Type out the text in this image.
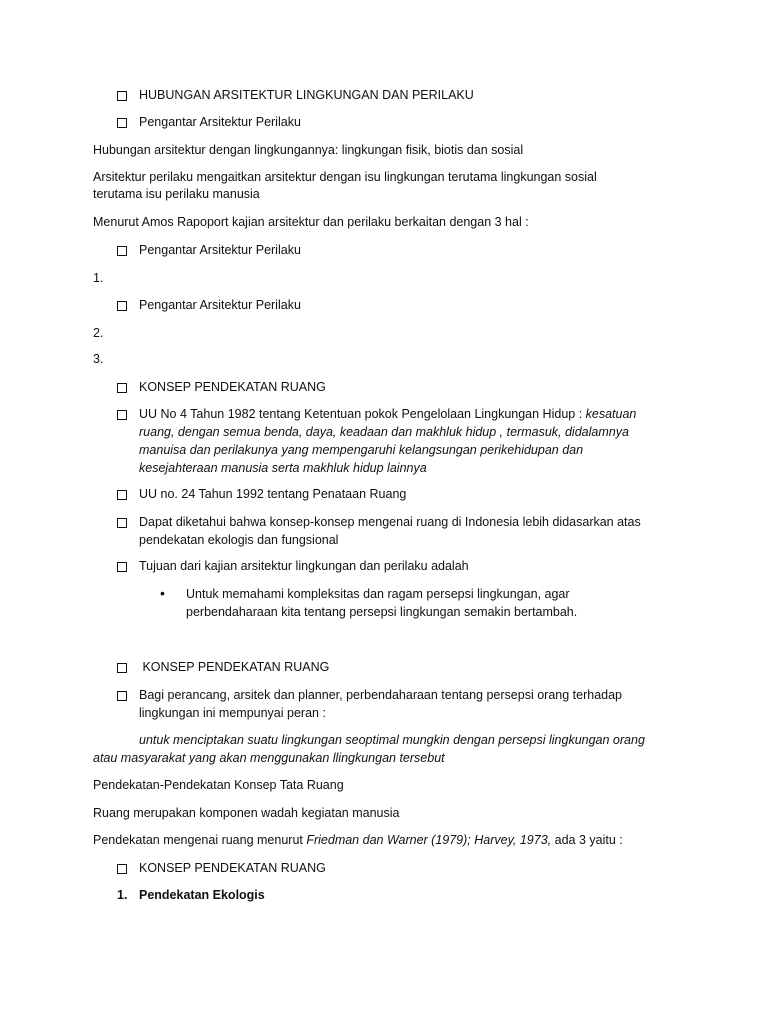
HUBUNGAN ARSITEKTUR LINGKUNGAN DAN PERILAKU
Pengantar Arsitektur Perilaku
Hubungan arsitektur dengan lingkungannya: lingkungan fisik, biotis dan sosial
Arsitektur perilaku mengaitkan arsitektur dengan isu lingkungan terutama lingkungan sosial
terutama isu perilaku manusia
Menurut Amos Rapoport kajian arsitektur dan perilaku berkaitan dengan 3 hal :
Pengantar Arsitektur Perilaku
1.
Pengantar Arsitektur Perilaku
2.
3.
KONSEP PENDEKATAN RUANG
UU No 4 Tahun 1982 tentang Ketentuan pokok Pengelolaan Lingkungan Hidup : kesatuan
ruang, dengan semua benda, daya, keadaan dan makhluk hidup , termasuk, didalamnya
manuisa dan perilakunya yang mempengaruhi kelangsungan perikehidupan dan
kesejahteraan manusia serta makhluk hidup lainnya
UU no. 24 Tahun 1992 tentang Penataan Ruang
Dapat diketahui bahwa konsep-konsep mengenai ruang di Indonesia lebih didasarkan atas
pendekatan ekologis dan fungsional
Tujuan dari kajian arsitektur lingkungan dan perilaku adalah
• Untuk memahami kompleksitas dan ragam persepsi lingkungan, agar
perbendaharaan kita tentang persepsi lingkungan semakin bertambah.
KONSEP PENDEKATAN RUANG
Bagi perancang, arsitek dan planner, perbendaharaan tentang persepsi orang terhadap
lingkungan ini mempunyai peran :
untuk menciptakan suatu lingkungan seoptimal mungkin dengan persepsi lingkungan orang
atau masyarakat yang akan menggunakan llingkungan tersebut
Pendekatan-Pendekatan Konsep Tata Ruang
Ruang merupakan komponen wadah kegiatan manusia
Pendekatan mengenai ruang menurut Friedman dan Warner (1979); Harvey, 1973, ada 3 yaitu :
KONSEP PENDEKATAN RUANG
1. Pendekatan Ekologis
